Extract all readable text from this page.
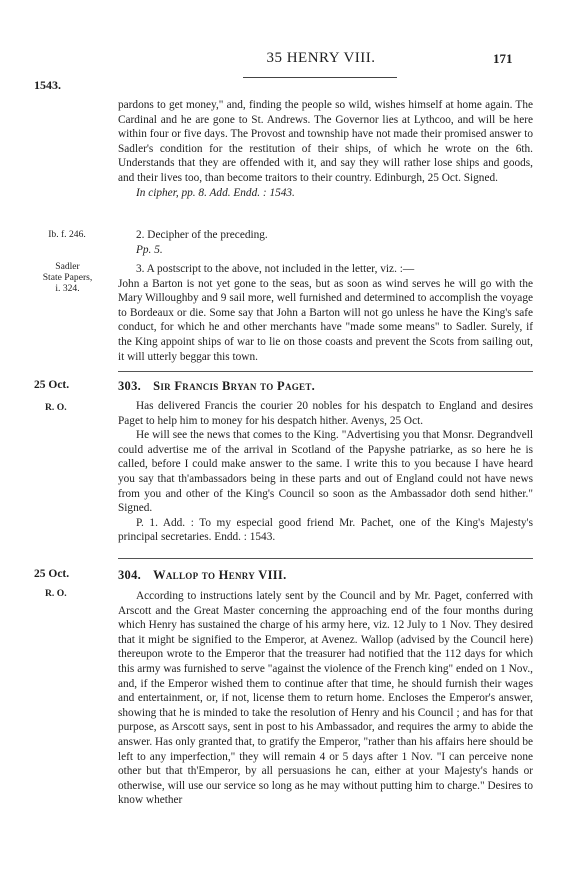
35 HENRY VIII.	171
1543.

pardons to get money," and, finding the people so wild, wishes himself at home again. The Cardinal and he are gone to St. Andrews. The Governor lies at Lythcoo, and will be here within four or five days. The Provost and township have not made their promised answer to Sadler's condition for the restitution of their ships, of which he wrote on the 6th. Understands that they are offended with it, and say they will rather lose ships and goods, and their lives too, than become traitors to their country. Edinburgh, 25 Oct. Signed.

In cipher, pp. 8. Add. Endd. : 1543.

Ib. f. 246.	2. Decipher of the preceding.

Pp. 5.

Sadler
State Papers,
i. 324.

3. A postscript to the above, not included in the letter, viz. :—

John a Barton is not yet gone to the seas, but as soon as wind serves he will go with the Mary Willoughby and 9 sail more, well furnished and determined to accomplish the voyage to Bordeaux or die. Some say that John a Barton will not go unless he have the King's safe conduct, for which he and other merchants have "made some means" to Sadler. Surely, if the King appoint ships of war to lie on those coasts and prevent the Scots from sailing out, it will utterly beggar this town.

25 Oct.	303. Sir Francis Bryan to Paget.
R. O.	Has delivered Francis the courier 20 nobles for his despatch to England and desires Paget to help him to money for his despatch hither. Avenys, 25 Oct.

He will see the news that comes to the King. "Advertising you that Monsr. Degrandvell could advertise me of the arrival in Scotland of the Papyshe patriarke, as so here he is called, before I could make answer to the same. I write this to you because I have heard you say that th'ambassadors being in these parts and out of England could not have news from you and other of the King's Council so soon as the Ambassador doth send hither." Signed.

P. 1. Add. : To my especial good friend Mr. Pachet, one of the King's Majesty's principal secretaries. Endd. : 1543.

25 Oct.	304. Wallop to Henry VIII.
R. O.	According to instructions lately sent by the Council and by Mr. Paget, conferred with Arscott and the Great Master concerning the approaching end of the four months during which Henry has sustained the charge of his army here, viz. 12 July to 1 Nov. They desired that it might be signified to the Emperor, at Avenez. Wallop (advised by the Council here) thereupon wrote to the Emperor that the treasurer had notified that the 112 days for which this army was furnished to serve "against the violence of the French king" ended on 1 Nov., and, if the Emperor wished them to continue after that time, he should furnish their wages and entertainment, or, if not, license them to return home. Encloses the Emperor's answer, showing that he is minded to take the resolution of Henry and his Council ; and has for that purpose, as Arscott says, sent in post to his Ambassador, and requires the army to abide the answer. Has only granted that, to gratify the Emperor, "rather than his affairs here should be left to any imperfection," they will remain 4 or 5 days after 1 Nov. "I can perceive none other but that th'Emperor, by all persuasions he can, either at your Majesty's hands or otherwise, will use our service so long as he may without putting him to charge." Desires to know whether
